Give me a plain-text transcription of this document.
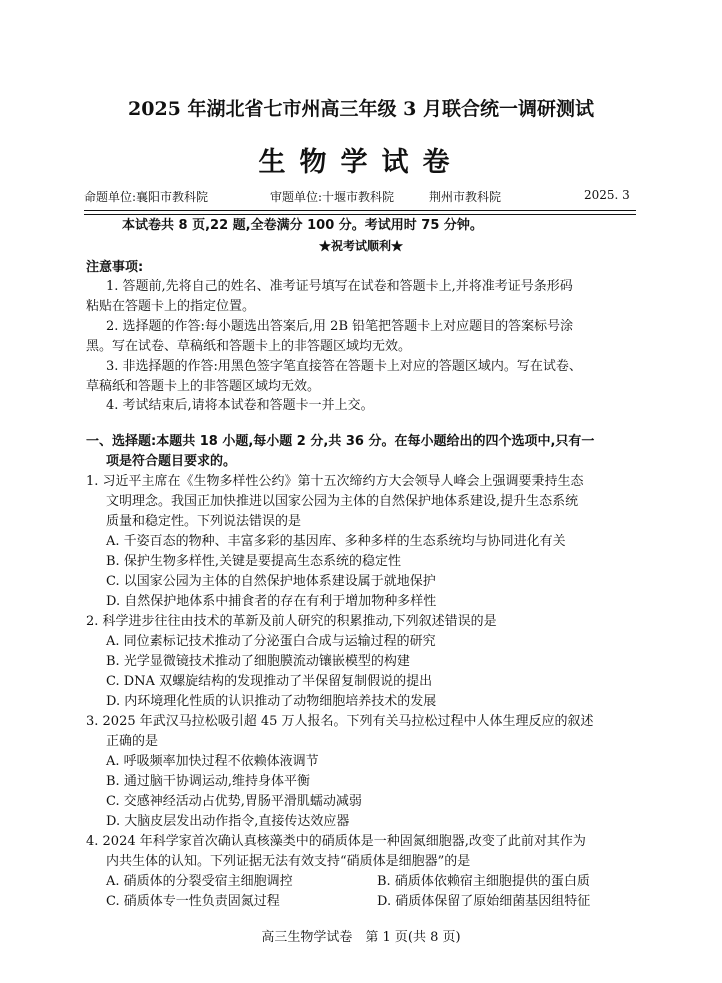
2025 年湖北省七市州高三年级 3 月联合统一调研测试
生物学试卷
命题单位:襄阳市教科院	审题单位:十堰市教科院	荆州市教科院	2025. 3
本试卷共 8 页,22 题,全卷满分 100 分。考试用时 75 分钟。
★祝考试顺利★
注意事项:
1. 答题前,先将自己的姓名、准考证号填写在试卷和答题卡上,并将准考证号条形码
粘贴在答题卡上的指定位置。
2. 选择题的作答:每小题选出答案后,用 2B 铅笔把答题卡上对应题目的答案标号涂
黑。写在试卷、草稿纸和答题卡上的非答题区域均无效。
3. 非选择题的作答:用黑色签字笔直接答在答题卡上对应的答题区域内。写在试卷、
草稿纸和答题卡上的非答题区域均无效。
4. 考试结束后,请将本试卷和答题卡一并上交。
一、选择题:本题共 18 小题,每小题 2 分,共 36 分。在每小题给出的四个选项中,只有一
项是符合题目要求的。
1. 习近平主席在《生物多样性公约》第十五次缔约方大会领导人峰会上强调要秉持生态
文明理念。我国正加快推进以国家公园为主体的自然保护地体系建设,提升生态系统
质量和稳定性。下列说法错误的是
A. 千姿百态的物种、丰富多彩的基因库、多种多样的生态系统均与协同进化有关
B. 保护生物多样性,关键是要提高生态系统的稳定性
C. 以国家公园为主体的自然保护地体系建设属于就地保护
D. 自然保护地体系中捕食者的存在有利于增加物种多样性
2. 科学进步往往由技术的革新及前人研究的积累推动,下列叙述错误的是
A. 同位素标记技术推动了分泌蛋白合成与运输过程的研究
B. 光学显微镜技术推动了细胞膜流动镶嵌模型的构建
C. DNA 双螺旋结构的发现推动了半保留复制假说的提出
D. 内环境理化性质的认识推动了动物细胞培养技术的发展
3. 2025 年武汉马拉松吸引超 45 万人报名。下列有关马拉松过程中人体生理反应的叙述
正确的是
A. 呼吸频率加快过程不依赖体液调节
B. 通过脑干协调运动,维持身体平衡
C. 交感神经活动占优势,胃肠平滑肌蠕动减弱
D. 大脑皮层发出动作指令,直接传达效应器
4. 2024 年科学家首次确认真核藻类中的硝质体是一种固氮细胞器,改变了此前对其作为
内共生体的认知。下列证据无法有效支持“硝质体是细胞器”的是
A. 硝质体的分裂受宿主细胞调控	B. 硝质体依赖宿主细胞提供的蛋白质
C. 硝质体专一性负责固氮过程	D. 硝质体保留了原始细菌基因组特征
高三生物学试卷　第 1 页(共 8 页)
